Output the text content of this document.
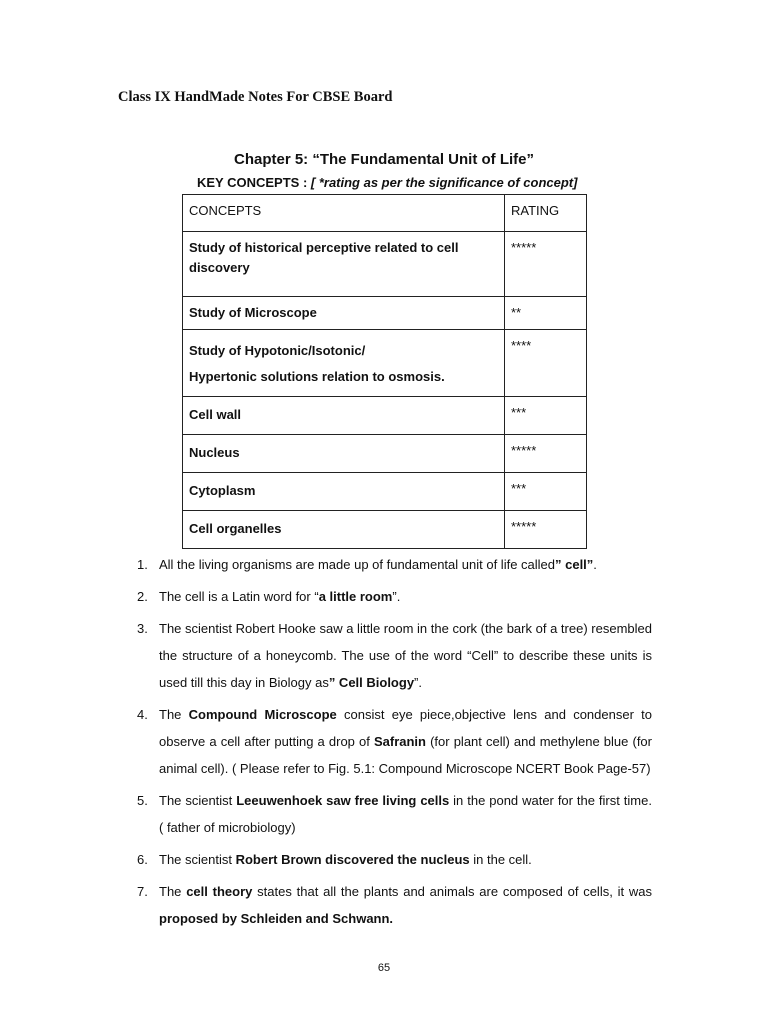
Class IX HandMade Notes For CBSE Board
Chapter 5: “The Fundamental Unit of Life”
KEY CONCEPTS : [ *rating as per the significance of concept]
CONCEPTS	RATING
Study of historical perceptive related to cell discovery	*****
Study of Microscope	**

Study of Hypotonic/Isotonic/
Hypertonic solutions relation to osmosis.	****
Cell wall	***
Nucleus	*****
Cytoplasm	***
Cell organelles	*****
1. All the living organisms are made up of fundamental unit of life called” cell”.
2. The cell is a Latin word for “a little room”.
3. The scientist Robert Hooke saw a little room in the cork (the bark of a tree) resembled the structure of a honeycomb. The use of the word “Cell” to describe these units is used till this day in Biology as” Cell Biology”.
4. The Compound Microscope consist eye piece,objective lens and condenser to observe a cell after putting a drop of Safranin (for plant cell) and methylene blue (for animal cell). ( Please refer to Fig. 5.1: Compound Microscope NCERT Book Page-57)
5. The scientist Leeuwenhoek saw free living cells in the pond water for the first time. ( father of microbiology)
6. The scientist Robert Brown discovered the nucleus in the cell.
7. The cell theory states that all the plants and animals are composed of cells, it was proposed by Schleiden and Schwann.
65
